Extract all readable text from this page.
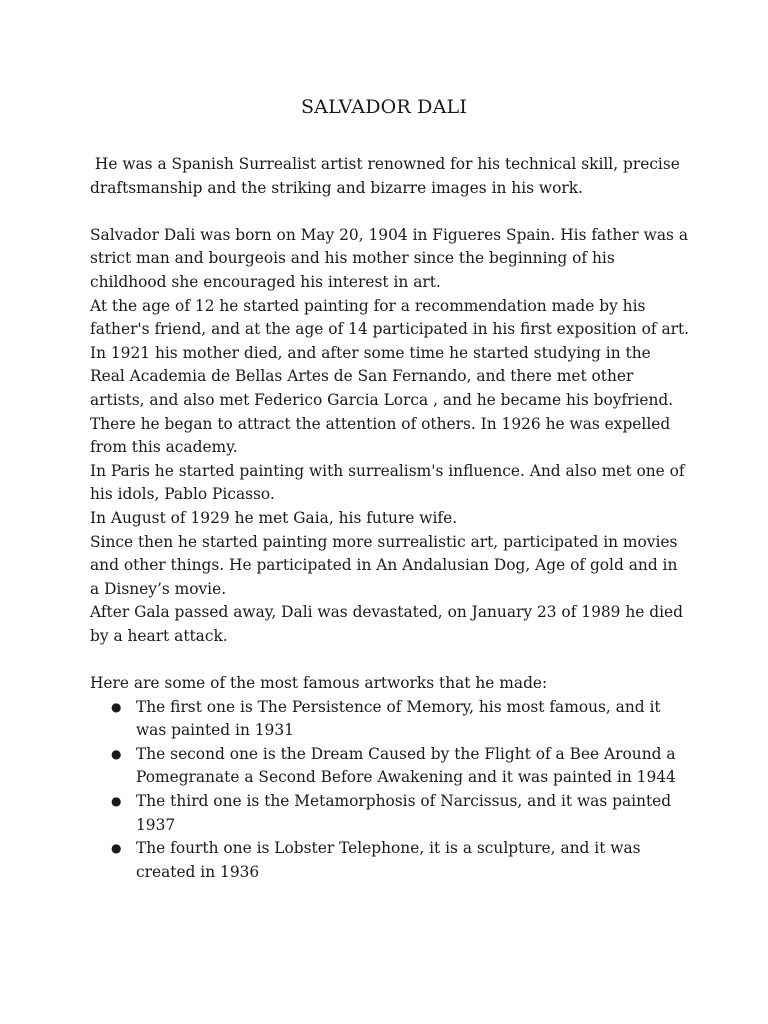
SALVADOR DALI

He was a Spanish Surrealist artist renowned for his technical skill, precise draftsmanship and the striking and bizarre images in his work.

Salvador Dali was born on May 20, 1904 in Figueres Spain. His father was a strict man and bourgeois and his mother since the beginning of his childhood she encouraged his interest in art.

At the age of 12 he started painting for a recommendation made by his father's friend, and at the age of 14 participated in his first exposition of art.

In 1921 his mother died, and after some time he started studying in the Real Academia de Bellas Artes de San Fernando, and there met other artists, and also met Federico Garcia Lorca , and he became his boyfriend. There he began to attract the attention of others. In 1926 he was expelled from this academy.

In Paris he started painting with surrealism's influence. And also met one of his idols, Pablo Picasso.

In August of 1929 he met Gaia, his future wife.

Since then he started painting more surrealistic art, participated in movies and other things. He participated in An Andalusian Dog, Age of gold and in a Disney’s movie.

After Gala passed away, Dali was devastated, on January 23 of 1989 he died by a heart attack.

Here are some of the most famous artworks that he made:

● The first one is The Persistence of Memory, his most famous, and it was painted in 1931
● The second one is the Dream Caused by the Flight of a Bee Around a Pomegranate a Second Before Awakening and it was painted in 1944
● The third one is the Metamorphosis of Narcissus, and it was painted 1937
● The fourth one is Lobster Telephone, it is a sculpture, and it was created in 1936
